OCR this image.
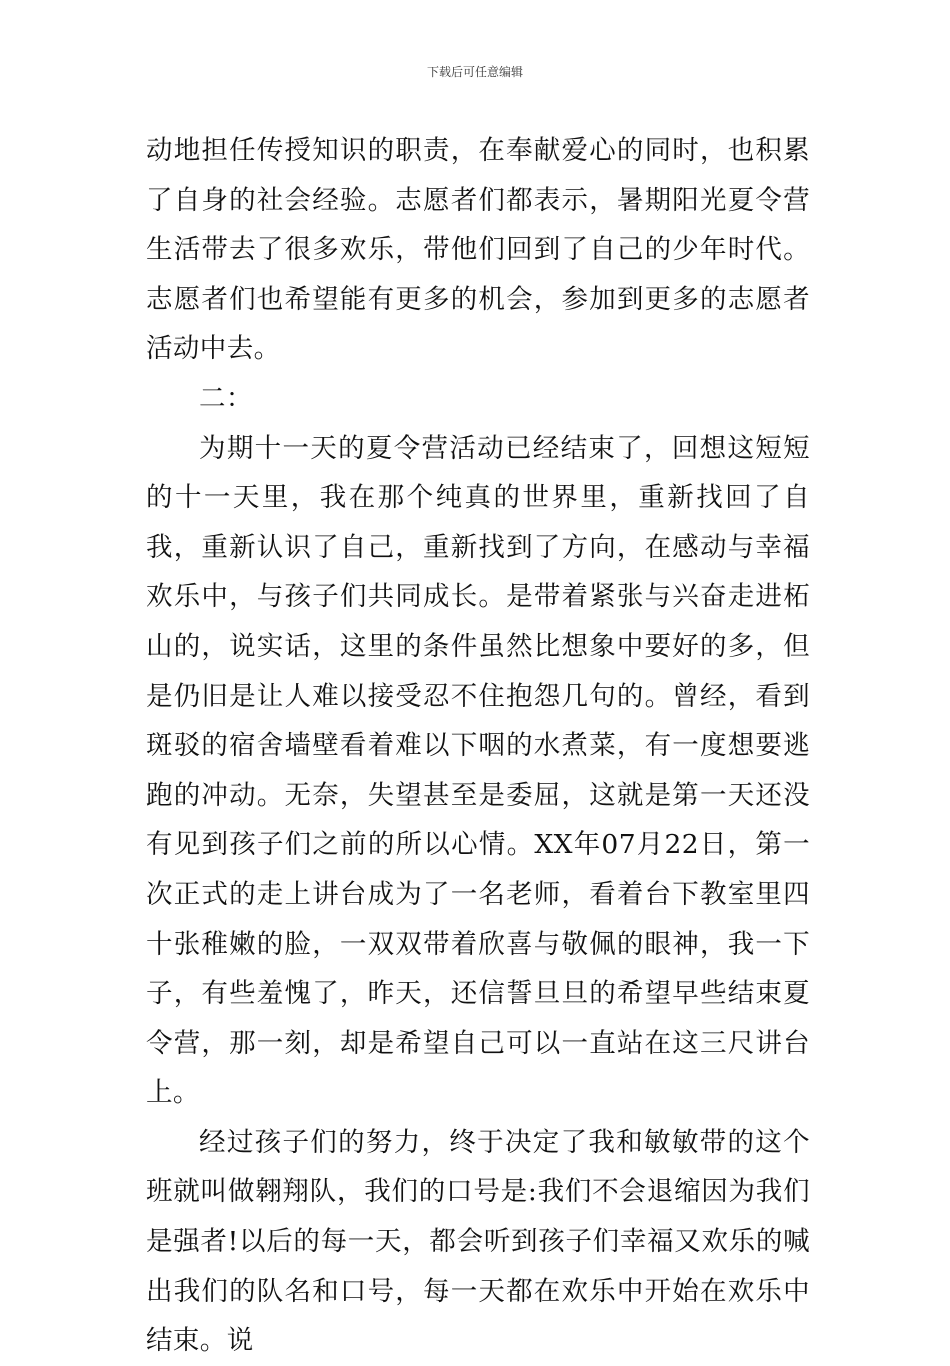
下载后可任意编辑

动地担任传授知识的职责，在奉献爱心的同时，也积累了自身的社会经验。志愿者们都表示，暑期阳光夏令营生活带去了很多欢乐，带他们回到了自己的少年时代。志愿者们也希望能有更多的机会，参加到更多的志愿者活动中去。

二：

为期十一天的夏令营活动已经结束了，回想这短短的十一天里，我在那个纯真的世界里，重新找回了自我，重新认识了自己，重新找到了方向，在感动与幸福欢乐中，与孩子们共同成长。是带着紧张与兴奋走进柘山的，说实话，这里的条件虽然比想象中要好的多，但是仍旧是让人难以接受忍不住抱怨几句的。曾经，看到斑驳的宿舍墙壁看着难以下咽的水煮菜，有一度想要逃跑的冲动。无奈，失望甚至是委屈，这就是第一天还没有见到孩子们之前的所以心情。XX年07月22日，第一次正式的走上讲台成为了一名老师，看着台下教室里四十张稚嫩的脸，一双双带着欣喜与敬佩的眼神，我一下子，有些羞愧了，昨天，还信誓旦旦的希望早些结束夏令营，那一刻，却是希望自己可以一直站在这三尺讲台上。

经过孩子们的努力，终于决定了我和敏敏带的这个班就叫做翱翔队，我们的口号是:我们不会退缩因为我们是强者!以后的每一天，都会听到孩子们幸福又欢乐的喊出我们的队名和口号，每一天都在欢乐中开始在欢乐中结束。说
